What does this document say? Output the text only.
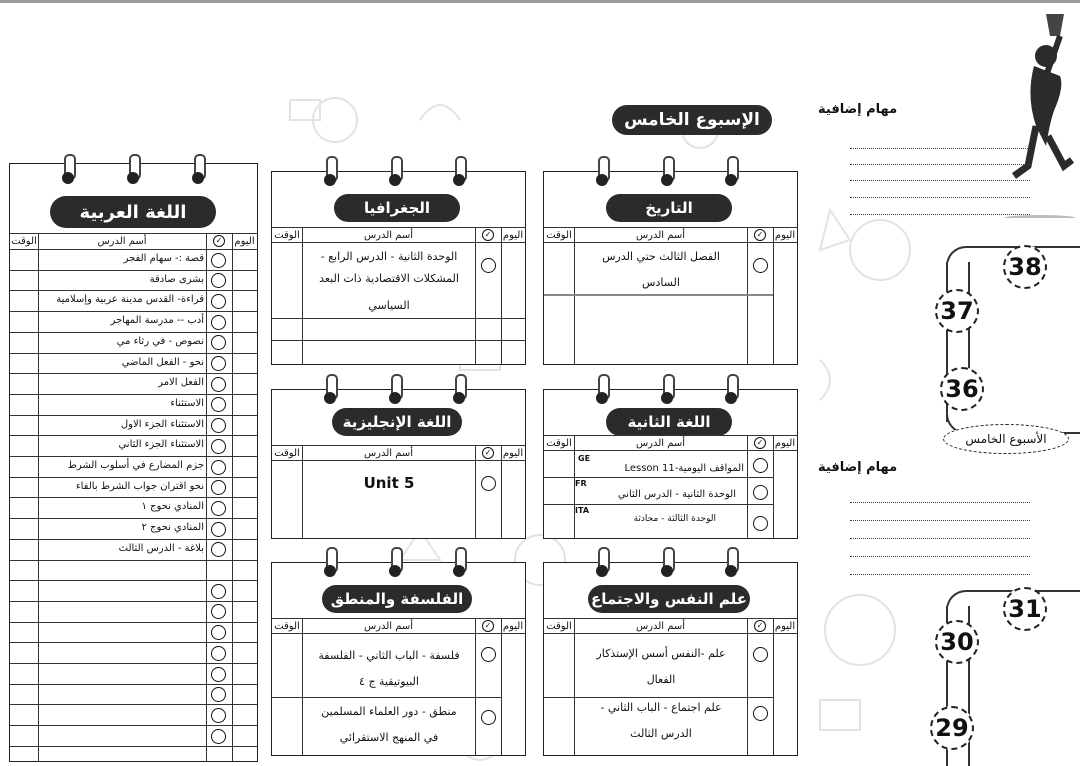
الإسبوع الخامس
مهام إضافية
مهام إضافية
38
37
36
الأسبوع الخامس
31
30
29
اللغة العربية
الوقت	أسم الدرس	✓ اليوم
قصة :- سهام الفجر
بشرى صادقة
قراءة- القدس مدينة عربية وإسلامية
أدب -- مدرسة المهاجر
نصوص - في رثاء مي
نحو - الفعل الماضي
الفعل الامر
الاستثناء
الاستثناء الجزء الاول
الاستثناء الجزء الثاني
جزم المضارع في أسلوب الشرط
نحو اقتران جواب الشرط بالفاء
المنادي نحوج ١
المنادي نحوج ٢
بلاغة - الدرس الثالث
الجغرافيا
الوقت	أسم الدرس	✓ اليوم
الوحدة الثانية - الدرس الرابع -
المشكلات الاقتصادية ذات البعد
السياسي
التاريخ
الوقت	أسم الدرس	✓ اليوم
الفصل الثالث حتي الدرس
السادس
اللغة الإنجليزية
الوقت	أسم الدرس	✓ اليوم
Unit 5
اللغة الثانية
الوقت	أسم الدرس	✓ اليوم
GE
المواقف اليومية-Lesson 11
FR
الوحدة الثانية - الدرس الثاني
ITA
الوحدة الثالثة - محادثة
الفلسفة والمنطق
الوقت	أسم الدرس	✓ اليوم
فلسفة - الباب الثاني - الفلسفة
البيوتيقية ج ٤
منطق - دور العلماء المسلمين
في المنهج الاستقرائي
علم النفس والاجتماع
الوقت	أسم الدرس	✓ اليوم
علم -النفس أسس الإستذكار
الفعال
علم اجتماع - الباب الثاني -
الدرس الثالث
